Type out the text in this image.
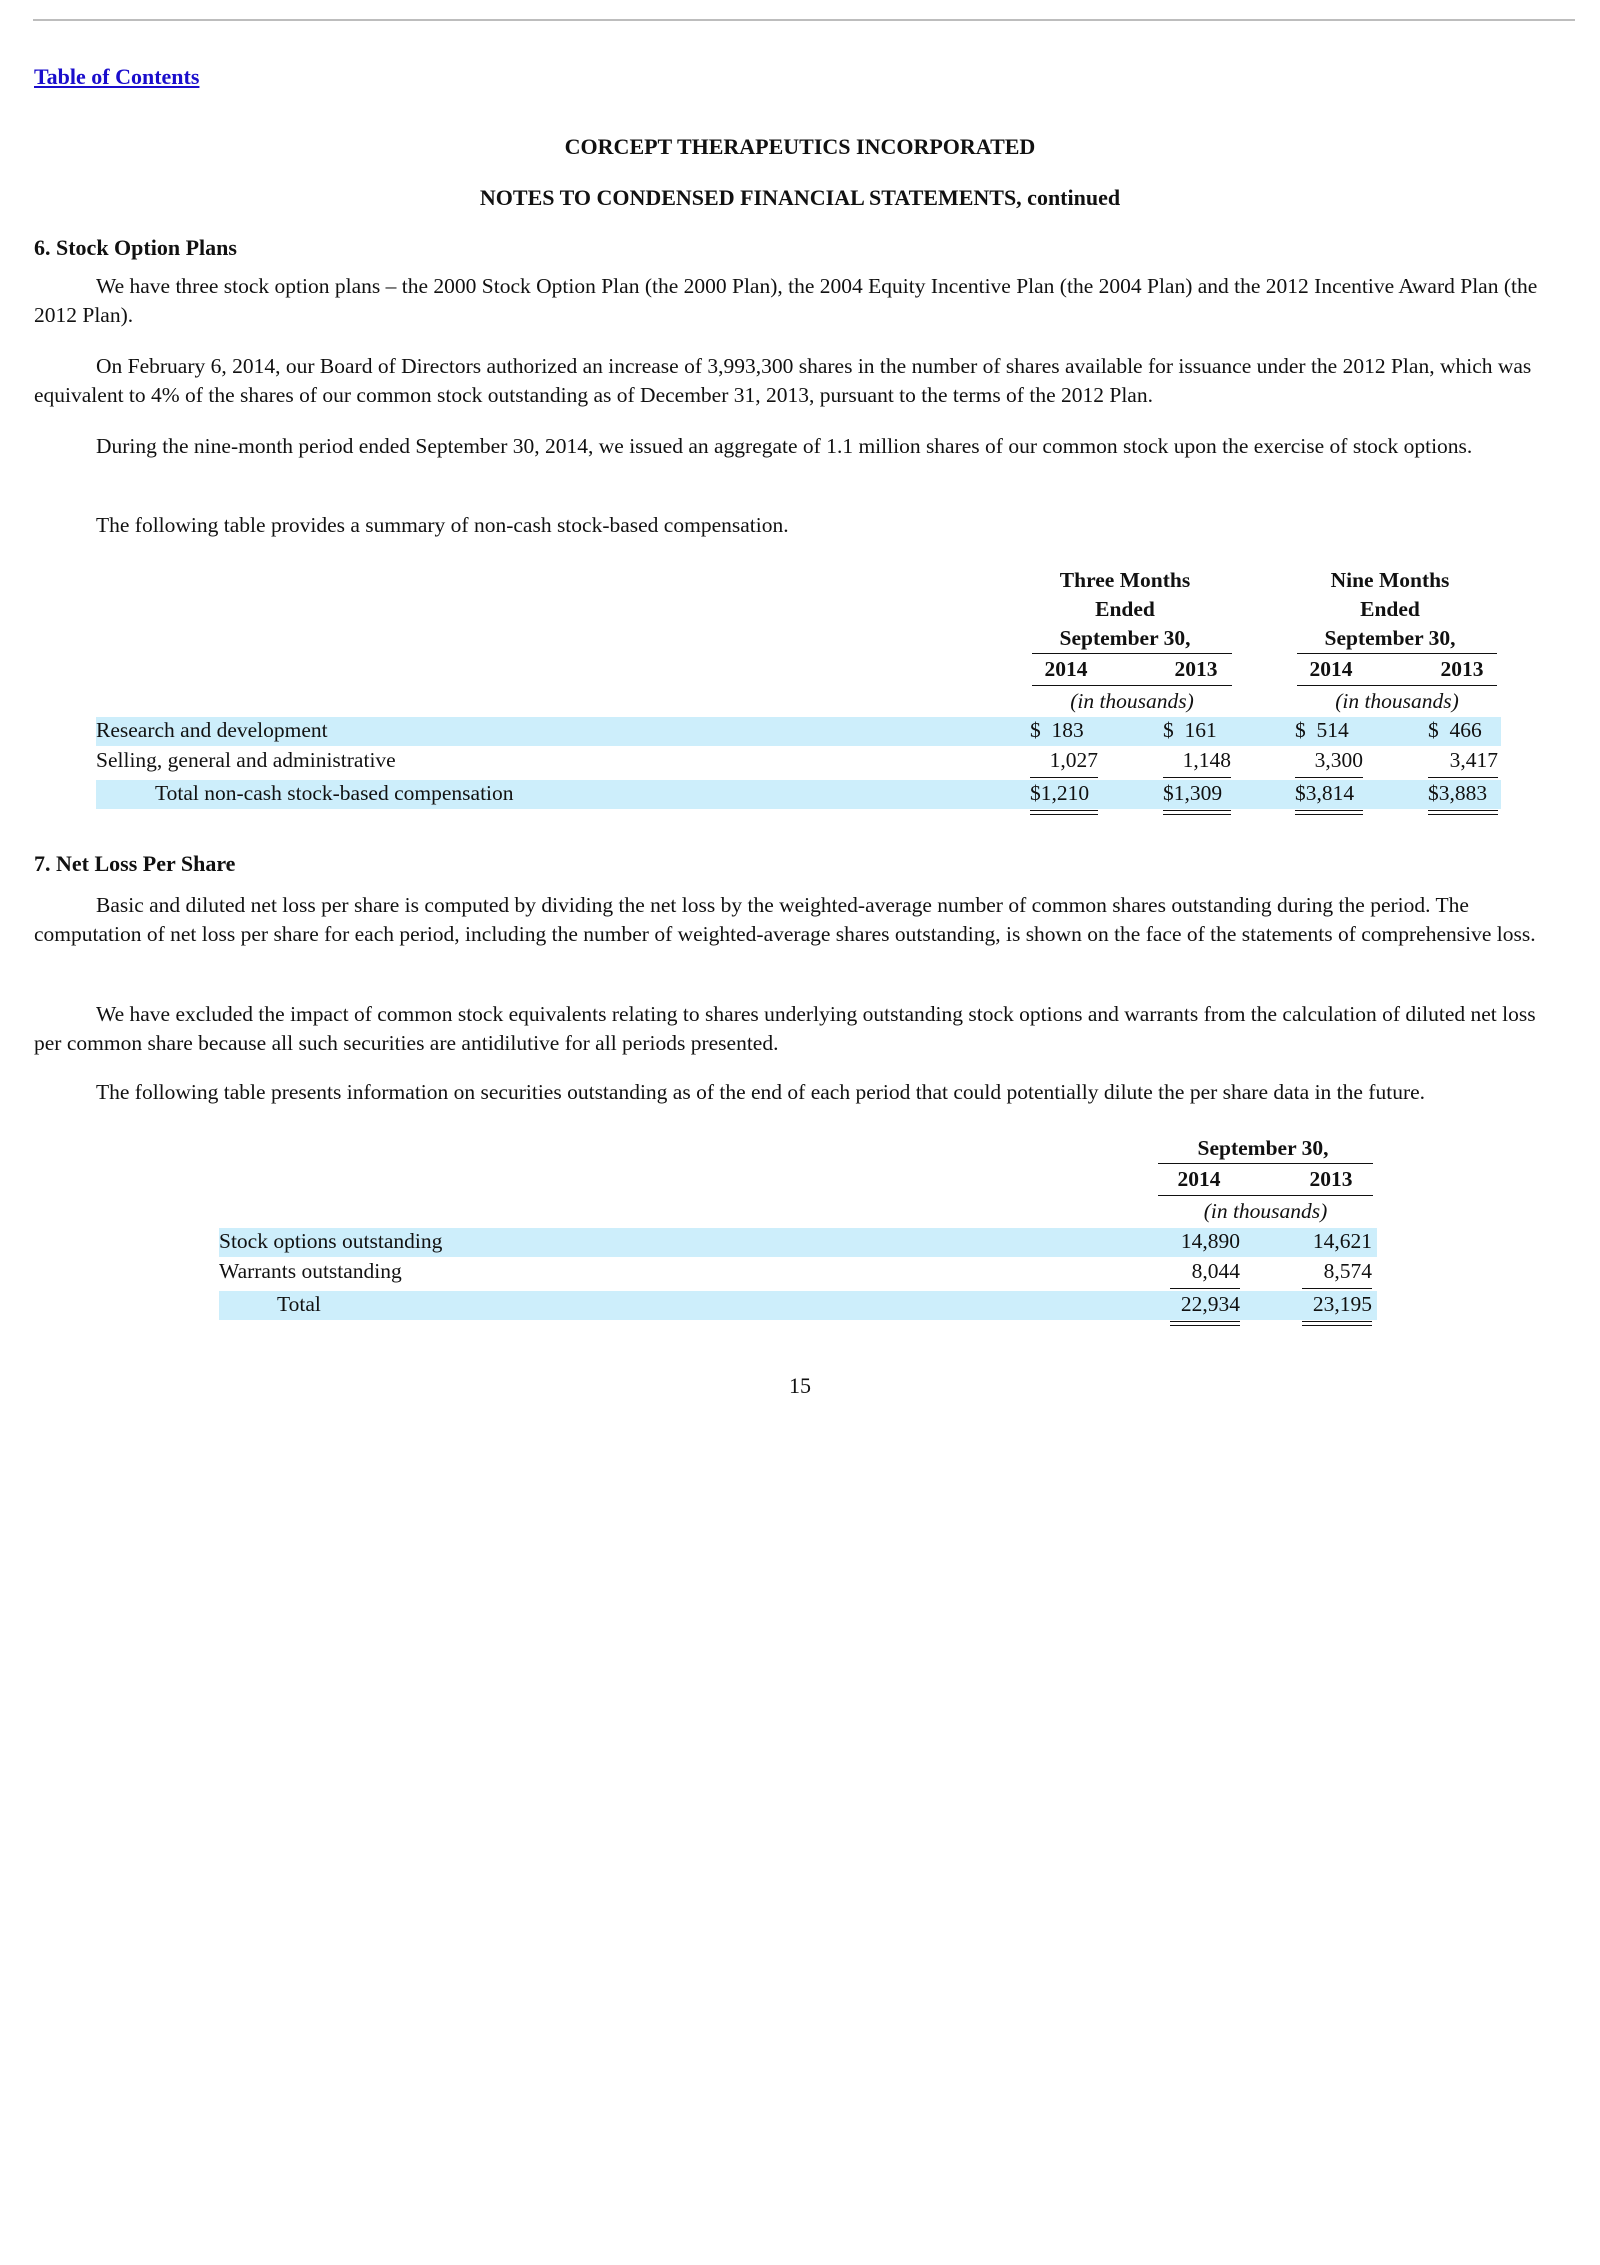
Table of Contents
CORCEPT THERAPEUTICS INCORPORATED
NOTES TO CONDENSED FINANCIAL STATEMENTS, continued
6. Stock Option Plans
We have three stock option plans – the 2000 Stock Option Plan (the 2000 Plan), the 2004 Equity Incentive Plan (the 2004 Plan) and the 2012 Incentive Award Plan (the 2012 Plan).
On February 6, 2014, our Board of Directors authorized an increase of 3,993,300 shares in the number of shares available for issuance under the 2012 Plan, which was equivalent to 4% of the shares of our common stock outstanding as of December 31, 2013, pursuant to the terms of the 2012 Plan.
During the nine-month period ended September 30, 2014, we issued an aggregate of 1.1 million shares of our common stock upon the exercise of stock options.
The following table provides a summary of non-cash stock-based compensation.
Three Months
Ended
September 30,
Nine Months
Ended
September 30,
2014	2013	2014	2013
(in thousands)	(in thousands)
Research and development	$  183	$  161	$  514	$  466
Selling, general and administrative	1,027	1,148	3,300	3,417
Total non-cash stock-based compensation	$1,210	$1,309	$3,814	$3,883
7. Net Loss Per Share
Basic and diluted net loss per share is computed by dividing the net loss by the weighted-average number of common shares outstanding during the period. The computation of net loss per share for each period, including the number of weighted-average shares outstanding, is shown on the face of the statements of comprehensive loss.
We have excluded the impact of common stock equivalents relating to shares underlying outstanding stock options and warrants from the calculation of diluted net loss per common share because all such securities are antidilutive for all periods presented.
The following table presents information on securities outstanding as of the end of each period that could potentially dilute the per share data in the future.
September 30,
2014	2013
(in thousands)
Stock options outstanding	14,890	14,621
Warrants outstanding	8,044	8,574
Total	22,934	23,195
15
